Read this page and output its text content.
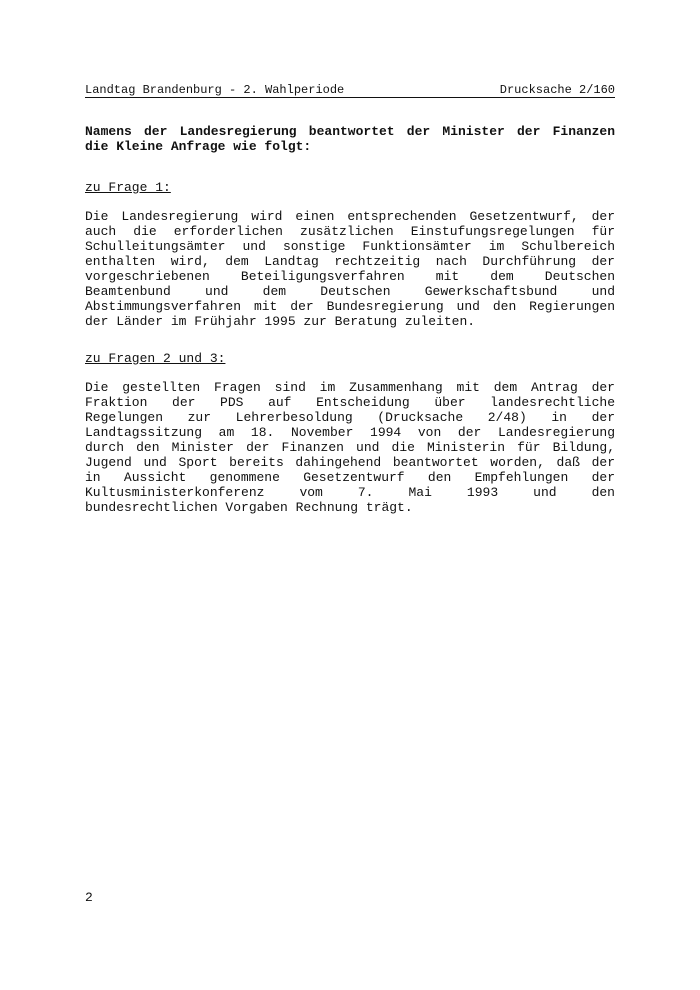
Landtag Brandenburg - 2. Wahlperiode	Drucksache 2/160
Namens der Landesregierung beantwortet der Minister der Finanzen
die Kleine Anfrage wie folgt:
zu Frage 1:
Die Landesregierung wird einen entsprechenden Gesetzentwurf, der
auch die erforderlichen zusätzlichen Einstufungsregelungen für
Schulleitungsämter und sonstige Funktionsämter im Schulbereich
enthalten wird, dem Landtag rechtzeitig nach Durchführung der
vorgeschriebenen Beteiligungsverfahren mit dem Deutschen
Beamtenbund und dem Deutschen Gewerkschaftsbund und
Abstimmungsverfahren mit der Bundesregierung und den Regierungen
der Länder im Frühjahr 1995 zur Beratung zuleiten.
zu Fragen 2 und 3:
Die gestellten Fragen sind im Zusammenhang mit dem Antrag der
Fraktion der PDS auf Entscheidung über landesrechtliche
Regelungen zur Lehrerbesoldung (Drucksache 2/48) in der
Landtagssitzung am 18. November 1994 von der Landesregierung
durch den Minister der Finanzen und die Ministerin für Bildung,
Jugend und Sport bereits dahingehend beantwortet worden, daß der
in Aussicht genommene Gesetzentwurf den Empfehlungen der
Kultusministerkonferenz vom 7. Mai 1993 und den
bundesrechtlichen Vorgaben Rechnung trägt.
2
